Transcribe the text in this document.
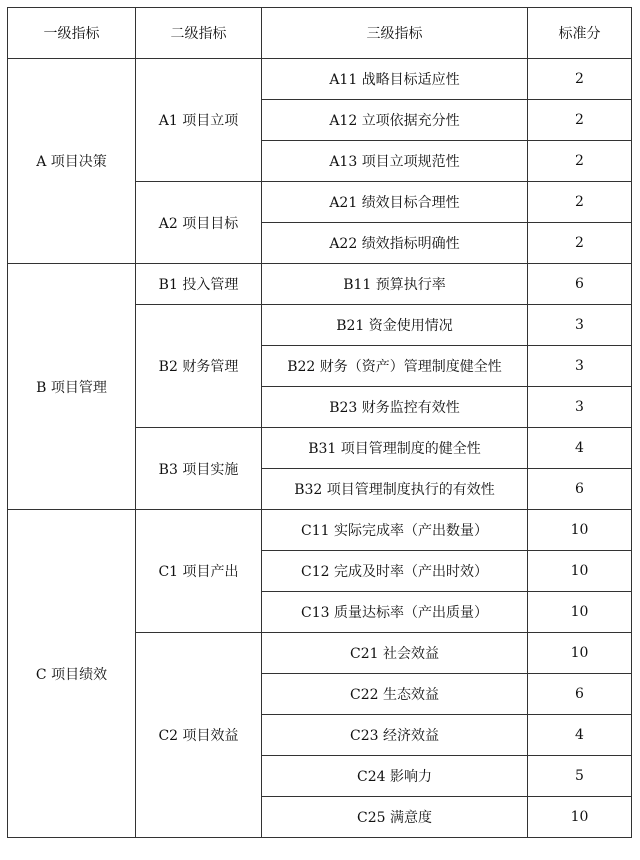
一级指标	二级指标	三级指标	标准分
A 项目决策	A1 项目立项	A11 战略目标适应性	2
		A12 立项依据充分性	2
		A13 项目立项规范性	2
	A2 项目目标	A21 绩效目标合理性	2
		A22 绩效指标明确性	2
B 项目管理	B1 投入管理	B11 预算执行率	6
	B2 财务管理	B21 资金使用情况	3
		B22 财务（资产）管理制度健全性	3
		B23 财务监控有效性	3
	B3 项目实施	B31 项目管理制度的健全性	4
		B32 项目管理制度执行的有效性	6
C 项目绩效	C1 项目产出	C11 实际完成率（产出数量）	10
		C12 完成及时率（产出时效）	10
		C13 质量达标率（产出质量）	10
	C2 项目效益	C21 社会效益	10
		C22 生态效益	6
		C23 经济效益	4
		C24 影响力	5
		C25 满意度	10
